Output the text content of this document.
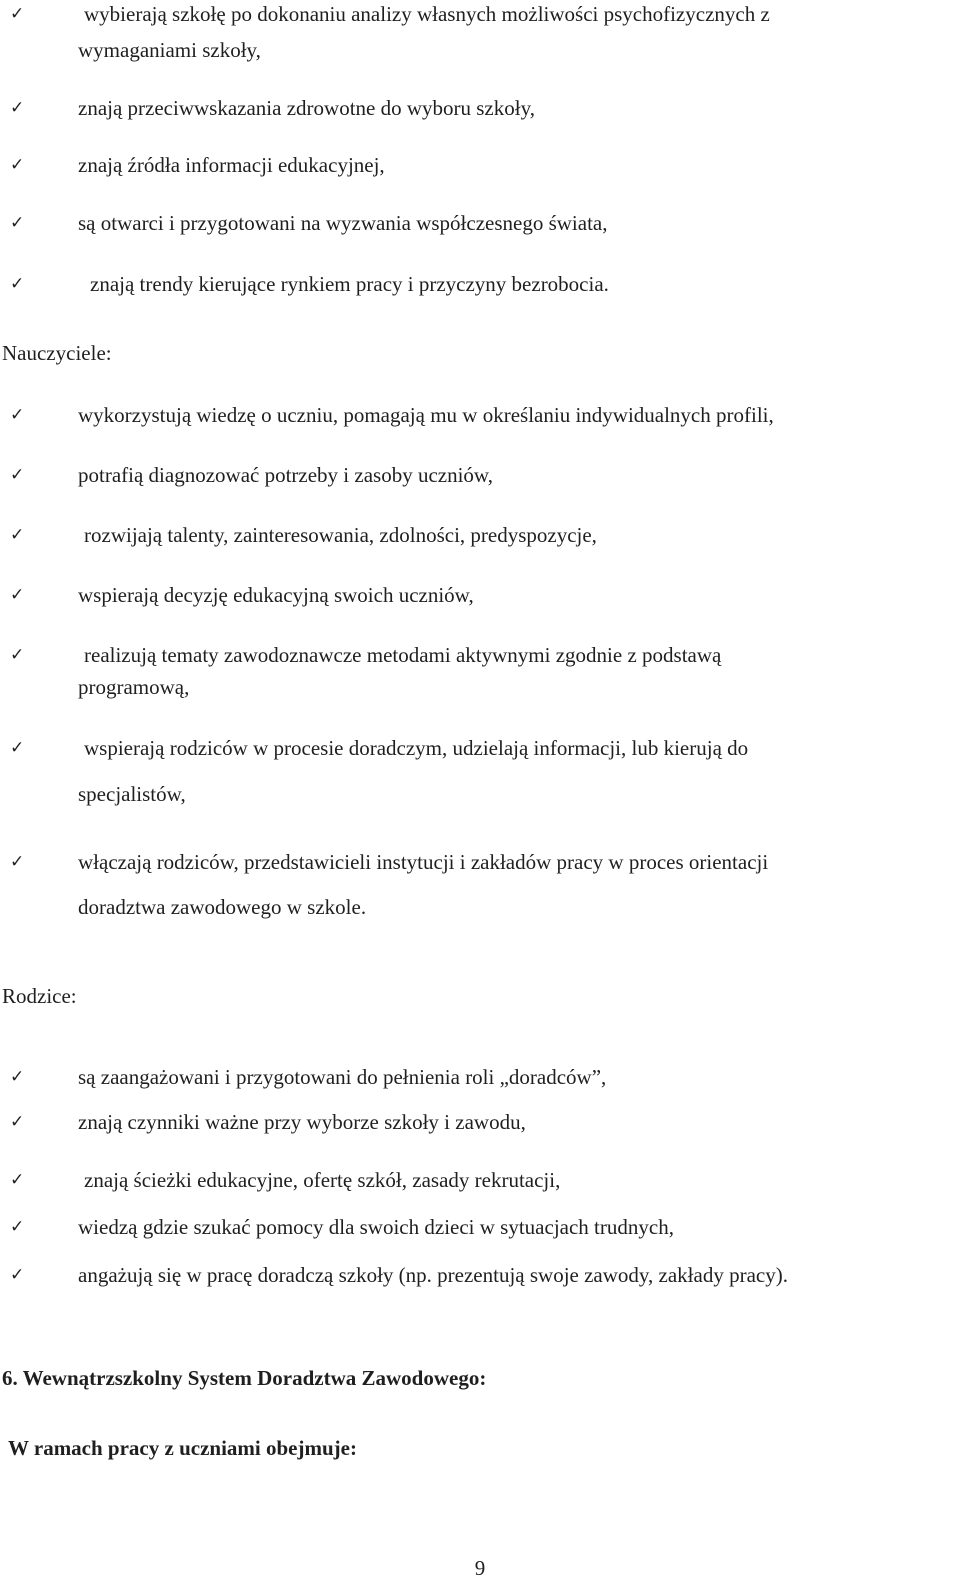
✓	wybierają szkołę po dokonaniu analizy własnych możliwości psychofizycznych z
wymaganiami szkoły,
✓	znają przeciwwskazania zdrowotne do wyboru szkoły,
✓	znają źródła informacji edukacyjnej,
✓	są otwarci i przygotowani na wyzwania współczesnego świata,
✓	znają trendy kierujące rynkiem pracy i przyczyny bezrobocia.
Nauczyciele:
✓	wykorzystują wiedzę o uczniu, pomagają mu w określaniu indywidualnych profili,
✓	potrafią diagnozować potrzeby i zasoby uczniów,
✓	rozwijają talenty, zainteresowania, zdolności, predyspozycje,
✓	wspierają decyzję edukacyjną swoich uczniów,
✓	realizują tematy zawodoznawcze metodami aktywnymi zgodnie z podstawą
programową,
✓	wspierają rodziców w procesie doradczym, udzielają informacji, lub kierują do
specjalistów,
✓	włączają rodziców, przedstawicieli instytucji i zakładów pracy w proces orientacji
doradztwa zawodowego w szkole.
Rodzice:
✓	są zaangażowani i przygotowani do pełnienia roli „doradców”,
✓	znają czynniki ważne przy wyborze szkoły i zawodu,
✓	znają ścieżki edukacyjne, ofertę szkół, zasady rekrutacji,
✓	wiedzą gdzie szukać pomocy dla swoich dzieci w sytuacjach trudnych,
✓	angażują się w pracę doradczą szkoły (np. prezentują swoje zawody, zakłady pracy).
6. Wewnątrzszkolny System Doradztwa Zawodowego:
W ramach pracy z uczniami obejmuje:
9
